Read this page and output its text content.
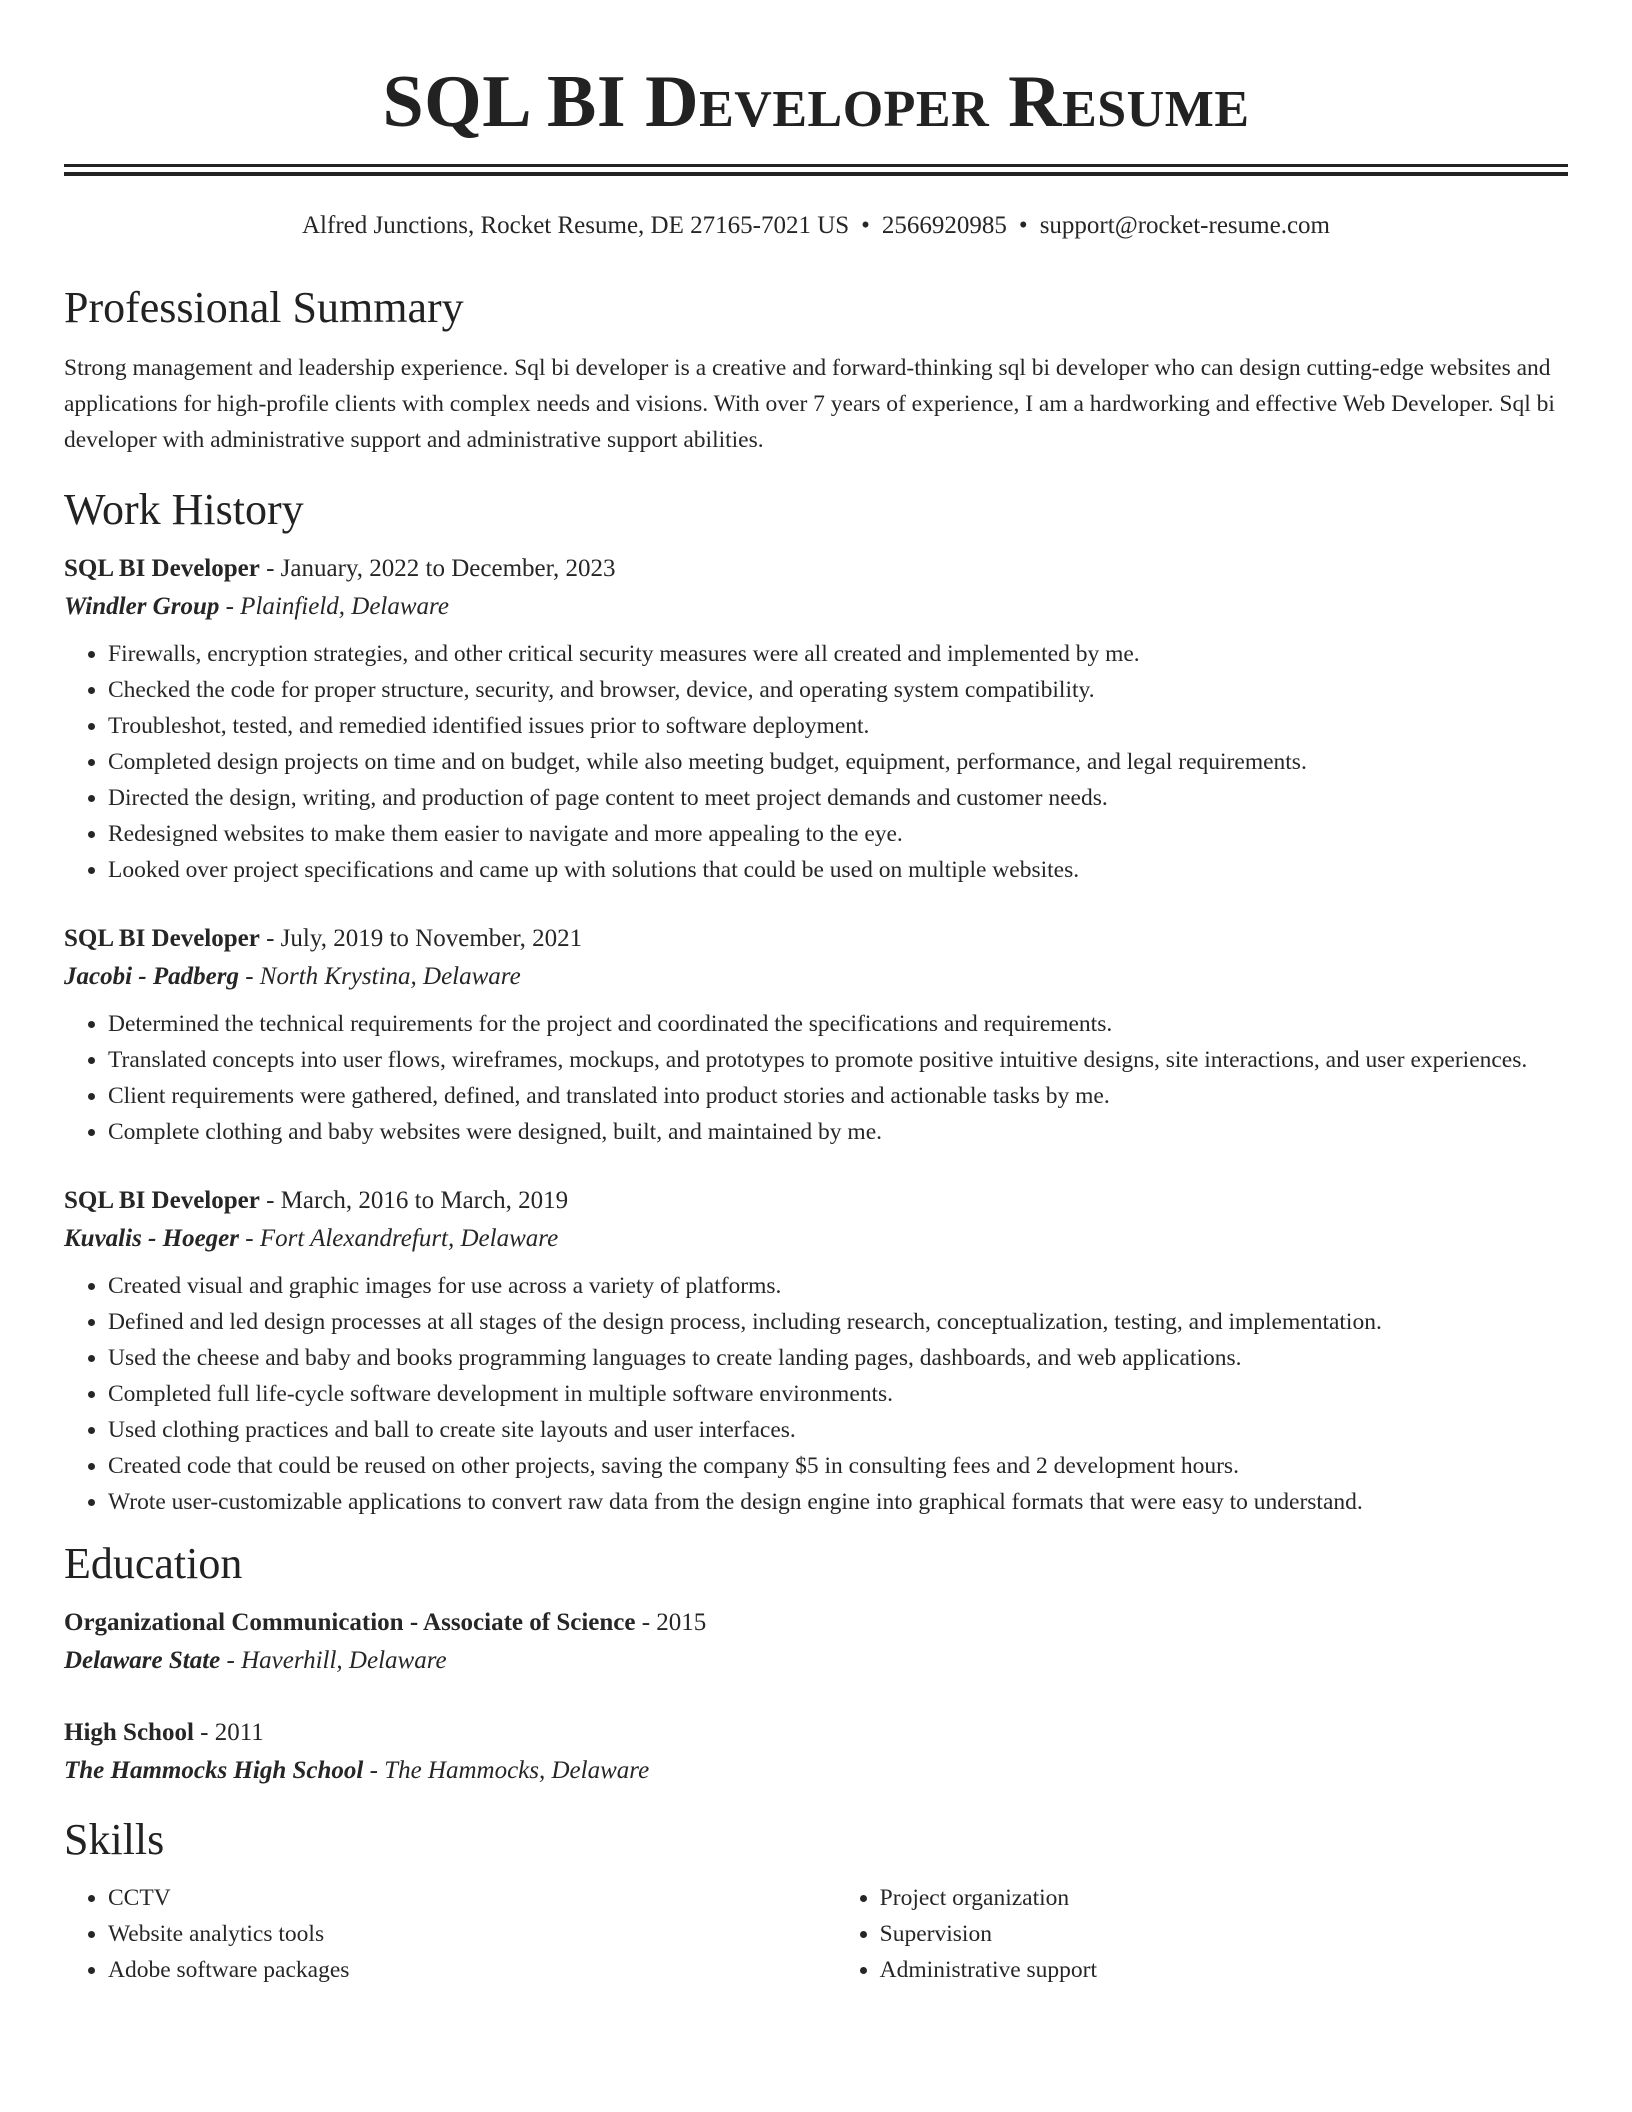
SQL BI Developer Resume
Alfred Junctions, Rocket Resume, DE 27165-7021 US • 2566920985 • support@rocket-resume.com
Professional Summary

Strong management and leadership experience. Sql bi developer is a creative and forward-thinking sql bi developer who can design cutting-edge websites and applications for high-profile clients with complex needs and visions. With over 7 years of experience, I am a hardworking and effective Web Developer. Sql bi developer with administrative support and administrative support abilities.

Work History
SQL BI Developer - January, 2022 to December, 2023
Windler Group - Plainfield, Delaware
• Firewalls, encryption strategies, and other critical security measures were all created and implemented by me.
• Checked the code for proper structure, security, and browser, device, and operating system compatibility.
• Troubleshot, tested, and remedied identified issues prior to software deployment.
• Completed design projects on time and on budget, while also meeting budget, equipment, performance, and legal requirements.
• Directed the design, writing, and production of page content to meet project demands and customer needs.
• Redesigned websites to make them easier to navigate and more appealing to the eye.
• Looked over project specifications and came up with solutions that could be used on multiple websites.
SQL BI Developer - July, 2019 to November, 2021
Jacobi - Padberg - North Krystina, Delaware
• Determined the technical requirements for the project and coordinated the specifications and requirements.
• Translated concepts into user flows, wireframes, mockups, and prototypes to promote positive intuitive designs, site interactions, and user experiences.
• Client requirements were gathered, defined, and translated into product stories and actionable tasks by me.
• Complete clothing and baby websites were designed, built, and maintained by me.
SQL BI Developer - March, 2016 to March, 2019
Kuvalis - Hoeger - Fort Alexandrefurt, Delaware
• Created visual and graphic images for use across a variety of platforms.
• Defined and led design processes at all stages of the design process, including research, conceptualization, testing, and implementation.
• Used the cheese and baby and books programming languages to create landing pages, dashboards, and web applications.
• Completed full life-cycle software development in multiple software environments.
• Used clothing practices and ball to create site layouts and user interfaces.
• Created code that could be reused on other projects, saving the company $5 in consulting fees and 2 development hours.
• Wrote user-customizable applications to convert raw data from the design engine into graphical formats that were easy to understand.
Education
Organizational Communication - Associate of Science - 2015
Delaware State - Haverhill, Delaware
High School - 2011
The Hammocks High School - The Hammocks, Delaware
Skills
• CCTV
• Website analytics tools
• Adobe software packages
• Project organization
• Supervision
• Administrative support
